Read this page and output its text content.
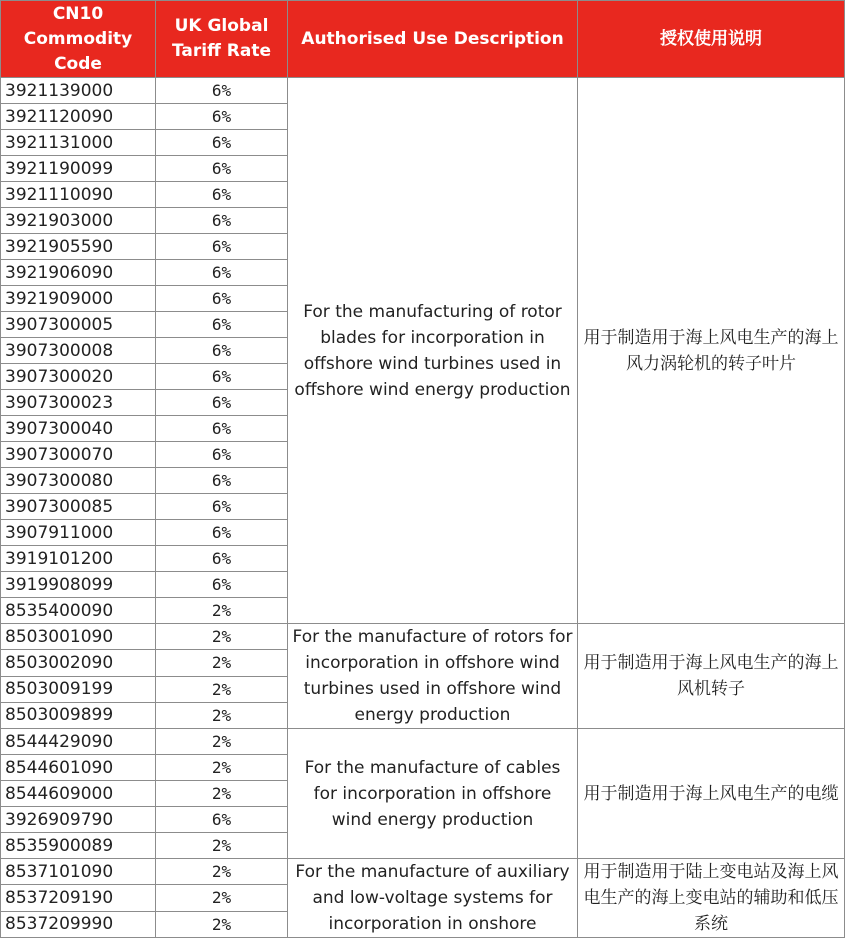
CN10 Commodity Code	UK Global Tariff Rate	Authorised Use Description	授权使用说明
3921139000	6%	For the manufacturing of rotor blades for incorporation in offshore wind turbines used in offshore wind energy production	用于制造用于海上风电生产的海上风力涡轮机的转子叶片
3921120090	6%		
3921131000	6%		
3921190099	6%		
3921110090	6%		
3921903000	6%		
3921905590	6%		
3921906090	6%		
3921909000	6%		
3907300005	6%		
3907300008	6%		
3907300020	6%		
3907300023	6%		
3907300040	6%		
3907300070	6%		
3907300080	6%		
3907300085	6%		
3907911000	6%		
3919101200	6%		
3919908099	6%		
8535400090	2%		
8503001090	2%	For the manufacture of rotors for incorporation in offshore wind turbines used in offshore wind energy production	用于制造用于海上风电生产的海上风机转子
8503002090	2%		
8503009199	2%		
8503009899	2%		
8544429090	2%	For the manufacture of cables for incorporation in offshore wind energy production	用于制造用于海上风电生产的电缆
8544601090	2%		
8544609000	2%		
3926909790	6%		
8535900089	2%		
8537101090	2%	For the manufacture of auxiliary and low-voltage systems for incorporation in onshore	用于制造用于陆上变电站及海上风电生产的海上变电站的辅助和低压系统
8537209190	2%		
8537209990	2%		
